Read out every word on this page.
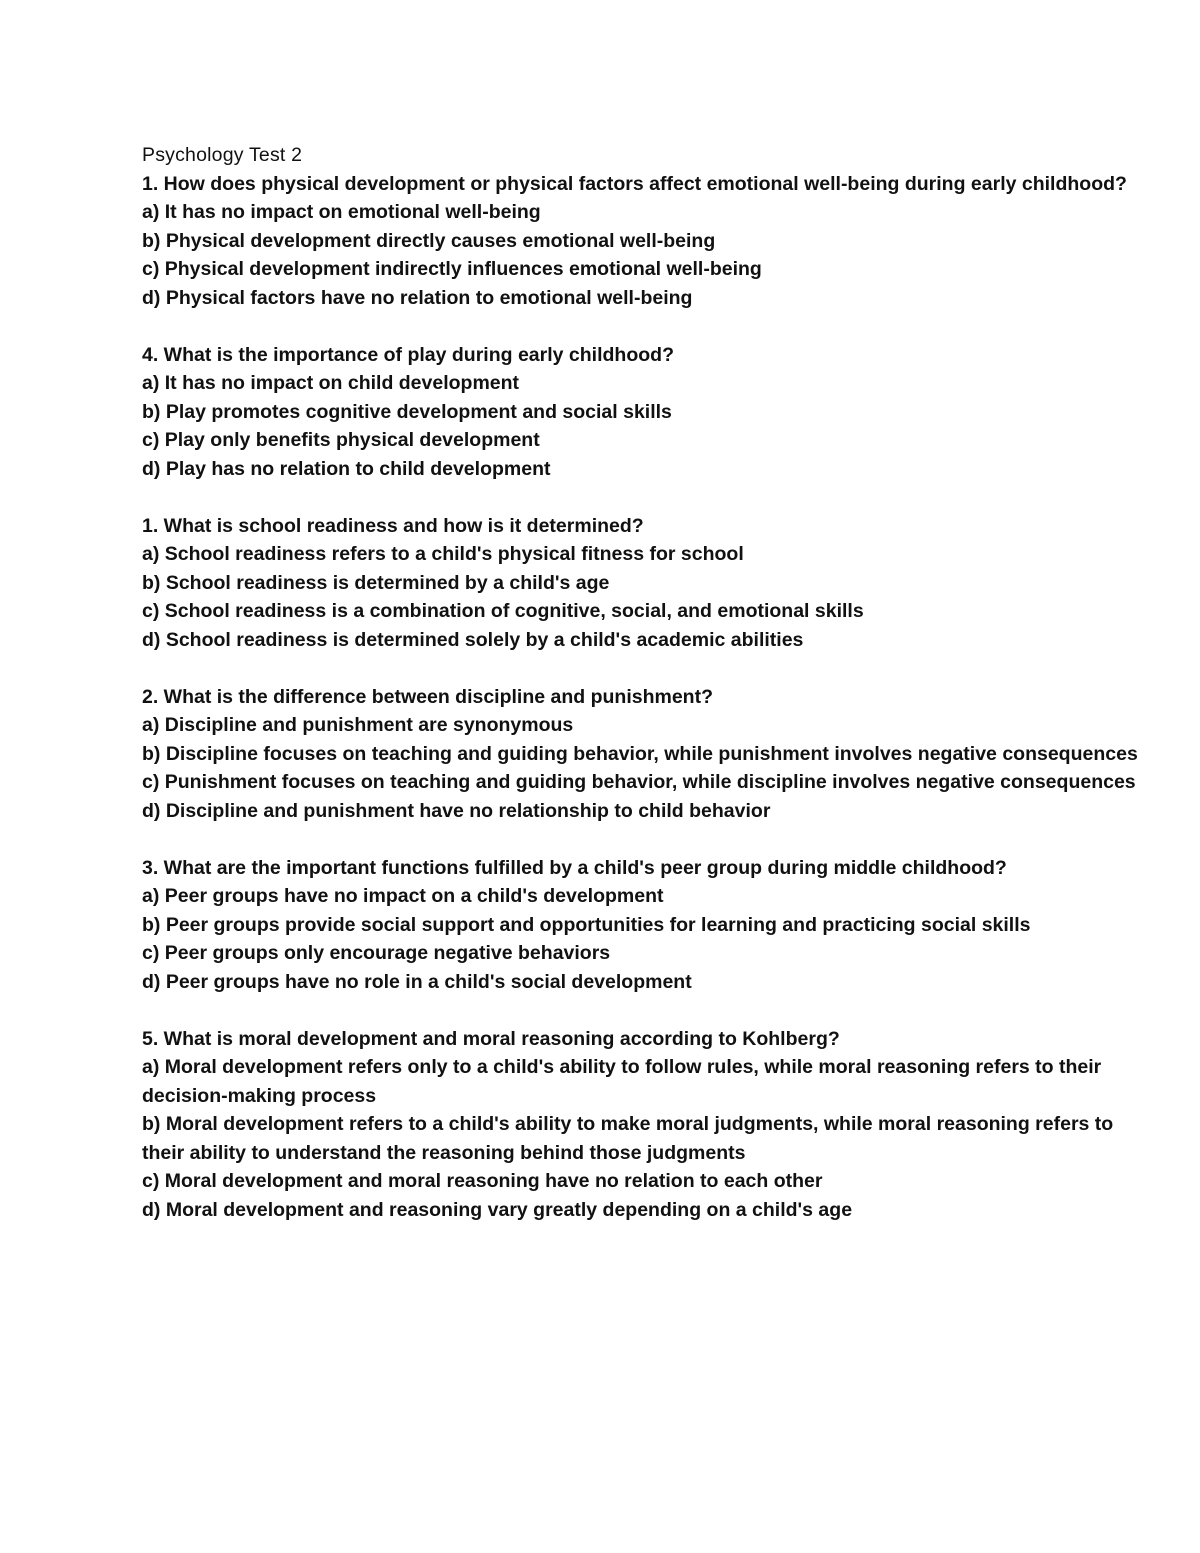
Psychology Test 2
1. How does physical development or physical factors affect emotional well-being during early childhood?
a) It has no impact on emotional well-being
b) Physical development directly causes emotional well-being
c) Physical development indirectly influences emotional well-being
d) Physical factors have no relation to emotional well-being
4. What is the importance of play during early childhood?
a) It has no impact on child development
b) Play promotes cognitive development and social skills
c) Play only benefits physical development
d) Play has no relation to child development
1. What is school readiness and how is it determined?
a) School readiness refers to a child's physical fitness for school
b) School readiness is determined by a child's age
c) School readiness is a combination of cognitive, social, and emotional skills
d) School readiness is determined solely by a child's academic abilities
2. What is the difference between discipline and punishment?
a) Discipline and punishment are synonymous
b) Discipline focuses on teaching and guiding behavior, while punishment involves negative consequences
c) Punishment focuses on teaching and guiding behavior, while discipline involves negative consequences
d) Discipline and punishment have no relationship to child behavior
3. What are the important functions fulfilled by a child's peer group during middle childhood?
a) Peer groups have no impact on a child's development
b) Peer groups provide social support and opportunities for learning and practicing social skills
c) Peer groups only encourage negative behaviors
d) Peer groups have no role in a child's social development
5. What is moral development and moral reasoning according to Kohlberg?
a) Moral development refers only to a child's ability to follow rules, while moral reasoning refers to their decision-making process
b) Moral development refers to a child's ability to make moral judgments, while moral reasoning refers to their ability to understand the reasoning behind those judgments
c) Moral development and moral reasoning have no relation to each other
d) Moral development and reasoning vary greatly depending on a child's age
